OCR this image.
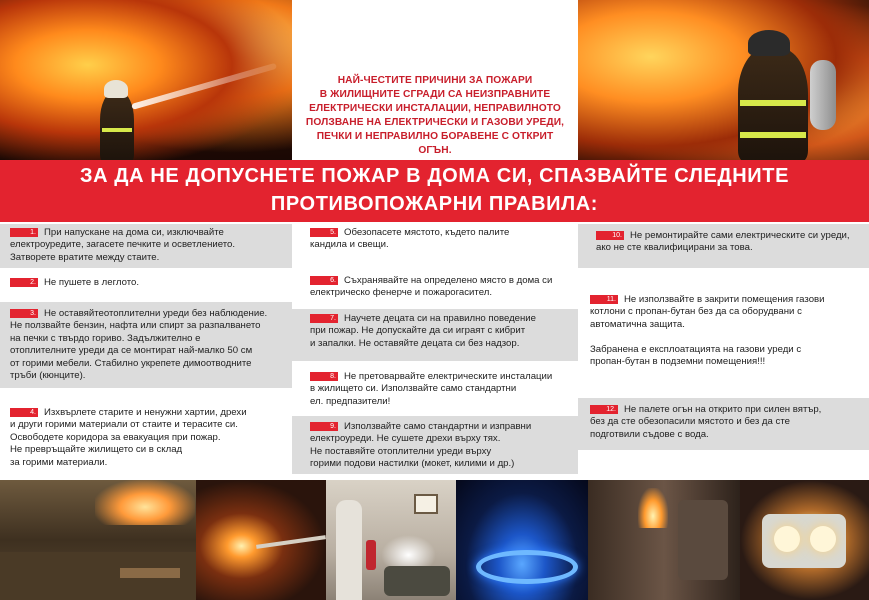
НАЙ-ЧЕСТИТЕ ПРИЧИНИ ЗА ПОЖАРИ
В ЖИЛИЩНИТЕ СГРАДИ СА НЕИЗПРАВНИТЕ
ЕЛЕКТРИЧЕСКИ ИНСТАЛАЦИИ, НЕПРАВИЛНОТО
ПОЛЗВАНЕ НА ЕЛЕКТРИЧЕСКИ И ГАЗОВИ УРЕДИ,
ПЕЧКИ И НЕПРАВИЛНО БОРАВЕНЕ С ОТКРИТ ОГЪН.
ЗА ДА НЕ ДОПУСНЕТЕ ПОЖАР В ДОМА СИ, СПАЗВАЙТЕ СЛЕДНИТЕ
ПРОТИВОПОЖАРНИ ПРАВИЛА:

1. При напускане на дома си, изключвайте

електроуредите, загасете печките и осветлението.

Затворете вратите между стаите.

2. Не пушете в леглото.

3. Не оставяйтеотоплителни уреди без наблюдение.

Не ползвайте бензин, нафта или спирт за разпалването

на печки с твърдо гориво. Задължително е

отоплителните уреди да се монтират най-малко 50 см

от горими мебели. Стабилно укрепете димоотводните

тръби (кюнците).

4. Изхвърлете старите и ненужни хартии, дрехи

и други горими материали от стаите и терасите си.

Освободете коридора за евакуация при пожар.

Не превръщайте жилището си в склад

за горими материали.

5. Обезопасете мястото, където палите

кандила и свещи.

6. Съхранявайте на определено място в дома си

електрическо фенерче и пожарогасител.

7. Научете децата си на правилно поведение

при пожар. Не допускайте да си играят с кибрит

и запалки. Не оставяйте децата си без надзор.

8. Не претоварвайте електрическите инсталации

в жилището си. Използвайте само стандартни

ел. предпазители!

9. Използвайте само стандартни и изправни

електроуреди. Не сушете дрехи върху тях.

Не поставяйте отоплителни уреди върху

горими подови настилки (мокет, килими и др.)

10. Не ремонтирайте сами електрическите си уреди,

ако не сте квалифицирани за това.

11. Не използвайте в закрити помещения газови

котлони с пропан-бутан без да са оборудвани с

автоматична защита.

Забранена е експлоатацията на газови уреди с

пропан-бутан в подземни помещения!!!

12. Не палете огън на открито при силен вятър,

без да сте обезопасили мястото и без да сте

подготвили съдове с вода.
